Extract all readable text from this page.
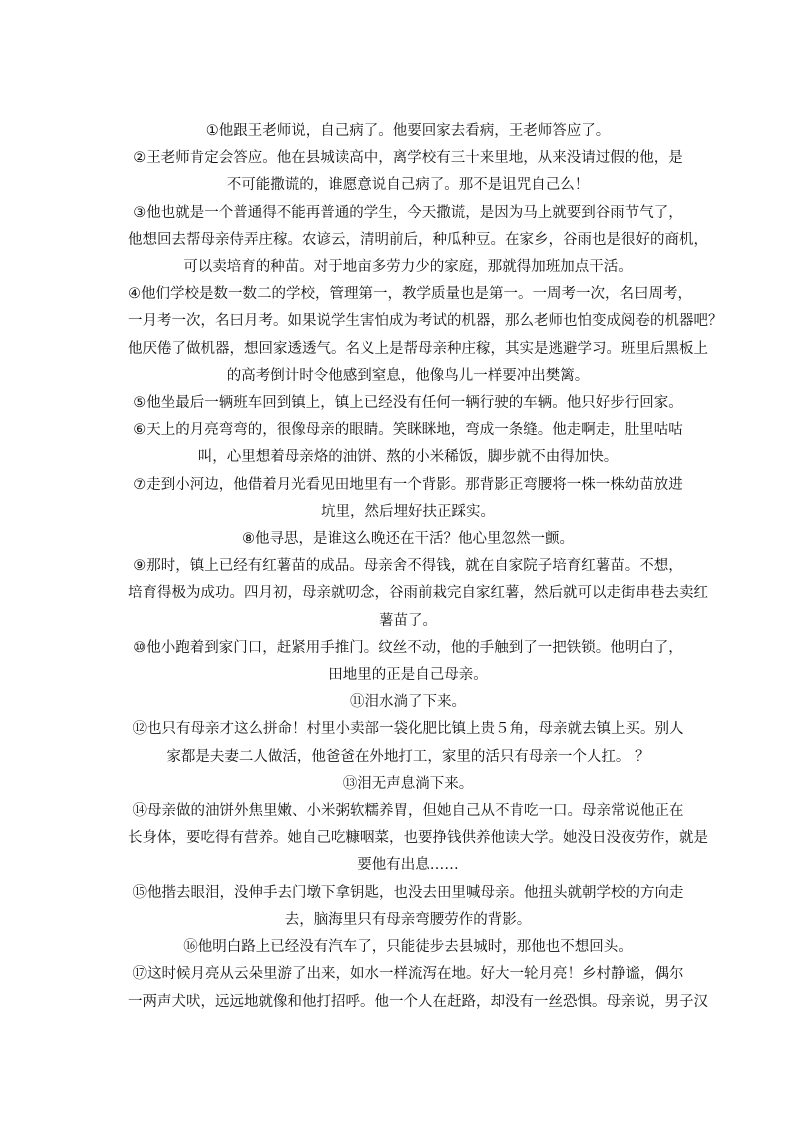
①他跟王老师说，自己病了。他要回家去看病，王老师答应了。
②王老师肯定会答应。他在县城读高中，离学校有三十来里地，从来没请过假的他，是
不可能撒谎的，谁愿意说自己病了。那不是诅咒自己么！
③他也就是一个普通得不能再普通的学生，今天撒谎，是因为马上就要到谷雨节气了，
他想回去帮母亲侍弄庄稼。农谚云，清明前后，种瓜种豆。在家乡，谷雨也是很好的商机，
可以卖培育的种苗。对于地亩多劳力少的家庭，那就得加班加点干活。
④他们学校是数一数二的学校，管理第一，教学质量也是第一。一周考一次，名曰周考，
一月考一次，名曰月考。如果说学生害怕成为考试的机器，那么老师也怕变成阅卷的机器吧？
他厌倦了做机器，想回家透透气。名义上是帮母亲种庄稼，其实是逃避学习。班里后黑板上
的高考倒计时令他感到窒息，他像鸟儿一样要冲出樊篱。
⑤他坐最后一辆班车回到镇上，镇上已经没有任何一辆行驶的车辆。他只好步行回家。
⑥天上的月亮弯弯的，很像母亲的眼睛。笑眯眯地，弯成一条缝。他走啊走，肚里咕咕
叫，心里想着母亲烙的油饼、熬的小米稀饭，脚步就不由得加快。
⑦走到小河边，他借着月光看见田地里有一个背影。那背影正弯腰将一株一株幼苗放进
坑里，然后埋好扶正踩实。
⑧他寻思，是谁这么晚还在干活？他心里忽然一颤。
⑨那时，镇上已经有红薯苗的成品。母亲舍不得钱，就在自家院子培育红薯苗。不想，
培育得极为成功。四月初，母亲就叨念，谷雨前栽完自家红薯，然后就可以走街串巷去卖红
薯苗了。
⑩他小跑着到家门口，赶紧用手推门。纹丝不动，他的手触到了一把铁锁。他明白了，
田地里的正是自己母亲。
⑪泪水淌了下来。
⑫也只有母亲才这么拼命！村里小卖部一袋化肥比镇上贵５角，母亲就去镇上买。别人
家都是夫妻二人做活，他爸爸在外地打工，家里的活只有母亲一个人扛。 ？
⑬泪无声息淌下来。
⑭母亲做的油饼外焦里嫩、小米粥软糯养胃，但她自己从不肯吃一口。母亲常说他正在
长身体，要吃得有营养。她自己吃糠咽菜，也要挣钱供养他读大学。她没日没夜劳作，就是
要他有出息……
⑮他揩去眼泪，没伸手去门墩下拿钥匙，也没去田里喊母亲。他扭头就朝学校的方向走
去，脑海里只有母亲弯腰劳作的背影。
⑯他明白路上已经没有汽车了，只能徒步去县城时，那他也不想回头。
⑰这时候月亮从云朵里游了出来，如水一样流泻在地。好大一轮月亮！乡村静谧，偶尔
一两声犬吠，远远地就像和他打招呼。他一个人在赶路，却没有一丝恐惧。母亲说，男子汉
